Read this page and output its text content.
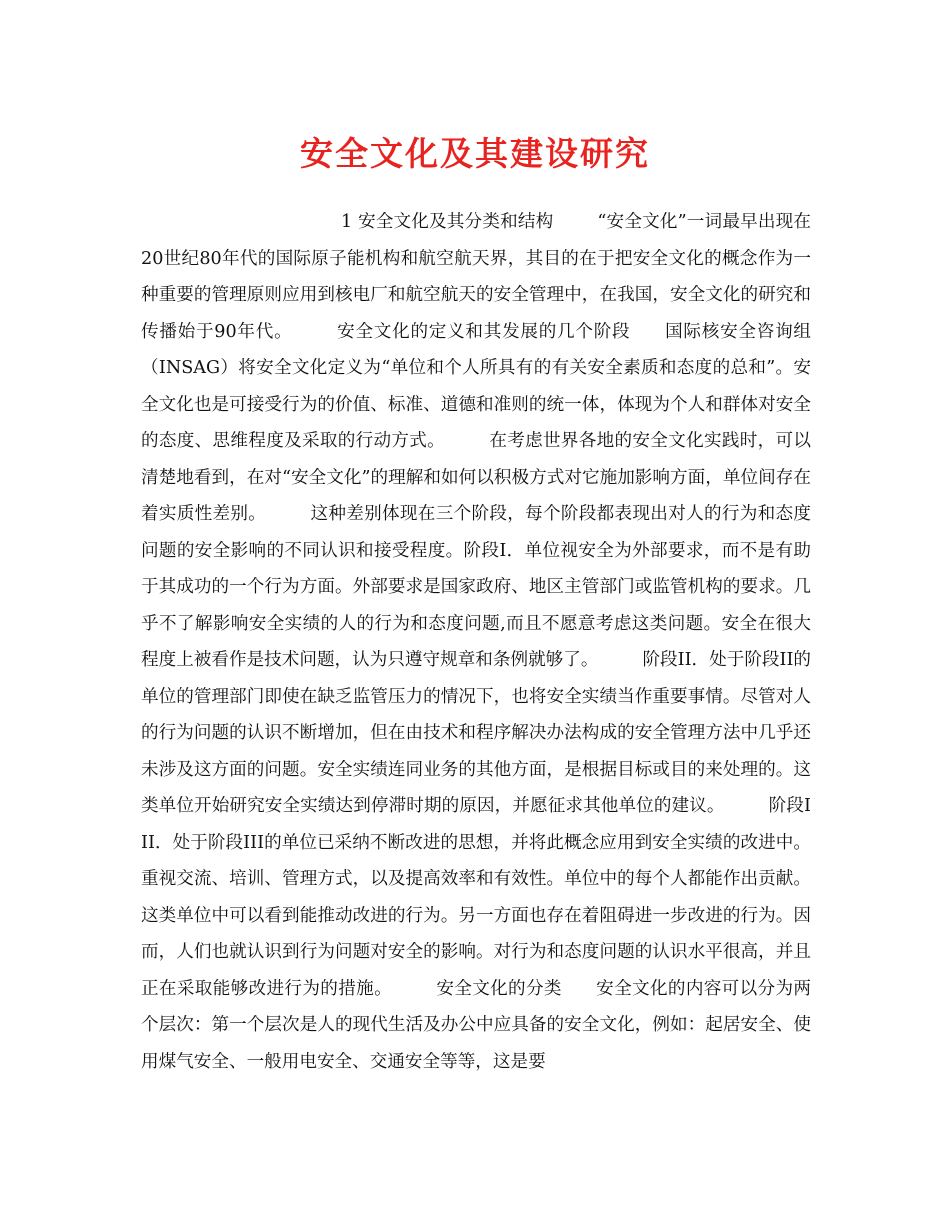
安全文化及其建设研究

1 安全文化及其分类和结构	“安全文化”一词最早出现在20世纪80年代的国际原子能机构和航空航天界，其目的在于把安全文化的概念作为一种重要的管理原则应用到核电厂和航空航天的安全管理中，在我国，安全文化的研究和传播始于90年代。	安全文化的定义和其发展的几个阶段 国际核安全咨询组（INSAG）将安全文化定义为“单位和个人所具有的有关安全素质和态度的总和”。安全文化也是可接受行为的价值、标准、道德和准则的统一体，体现为个人和群体对安全的态度、思维程度及采取的行动方式。	在考虑世界各地的安全文化实践时，可以清楚地看到，在对“安全文化”的理解和如何以积极方式对它施加影响方面，单位间存在着实质性差别。	这种差别体现在三个阶段，每个阶段都表现出对人的行为和态度问题的安全影响的不同认识和接受程度。阶段I．单位视安全为外部要求，而不是有助于其成功的一个行为方面。外部要求是国家政府、地区主管部门或监管机构的要求。几乎不了解影响安全实绩的人的行为和态度问题,而且不愿意考虑这类问题。安全在很大程度上被看作是技术问题，认为只遵守规章和条例就够了。	阶段II．处于阶段II的单位的管理部门即使在缺乏监管压力的情况下，也将安全实绩当作重要事情。尽管对人的行为问题的认识不断增加，但在由技术和程序解决办法构成的安全管理方法中几乎还未涉及这方面的问题。安全实绩连同业务的其他方面，是根据目标或目的来处理的。这类单位开始研究安全实绩达到停滞时期的原因，并愿征求其他单位的建议。	阶段III．处于阶段III的单位已采纳不断改进的思想，并将此概念应用到安全实绩的改进中。重视交流、培训、管理方式，以及提高效率和有效性。单位中的每个人都能作出贡献。这类单位中可以看到能推动改进的行为。另一方面也存在着阻碍进一步改进的行为。因而，人们也就认识到行为问题对安全的影响。对行为和态度问题的认识水平很高，并且正在采取能够改进行为的措施。	安全文化的分类 安全文化的内容可以分为两个层次：第一个层次是人的现代生活及办公中应具备的安全文化，例如：起居安全、使用煤气安全、一般用电安全、交通安全等等，这是要
